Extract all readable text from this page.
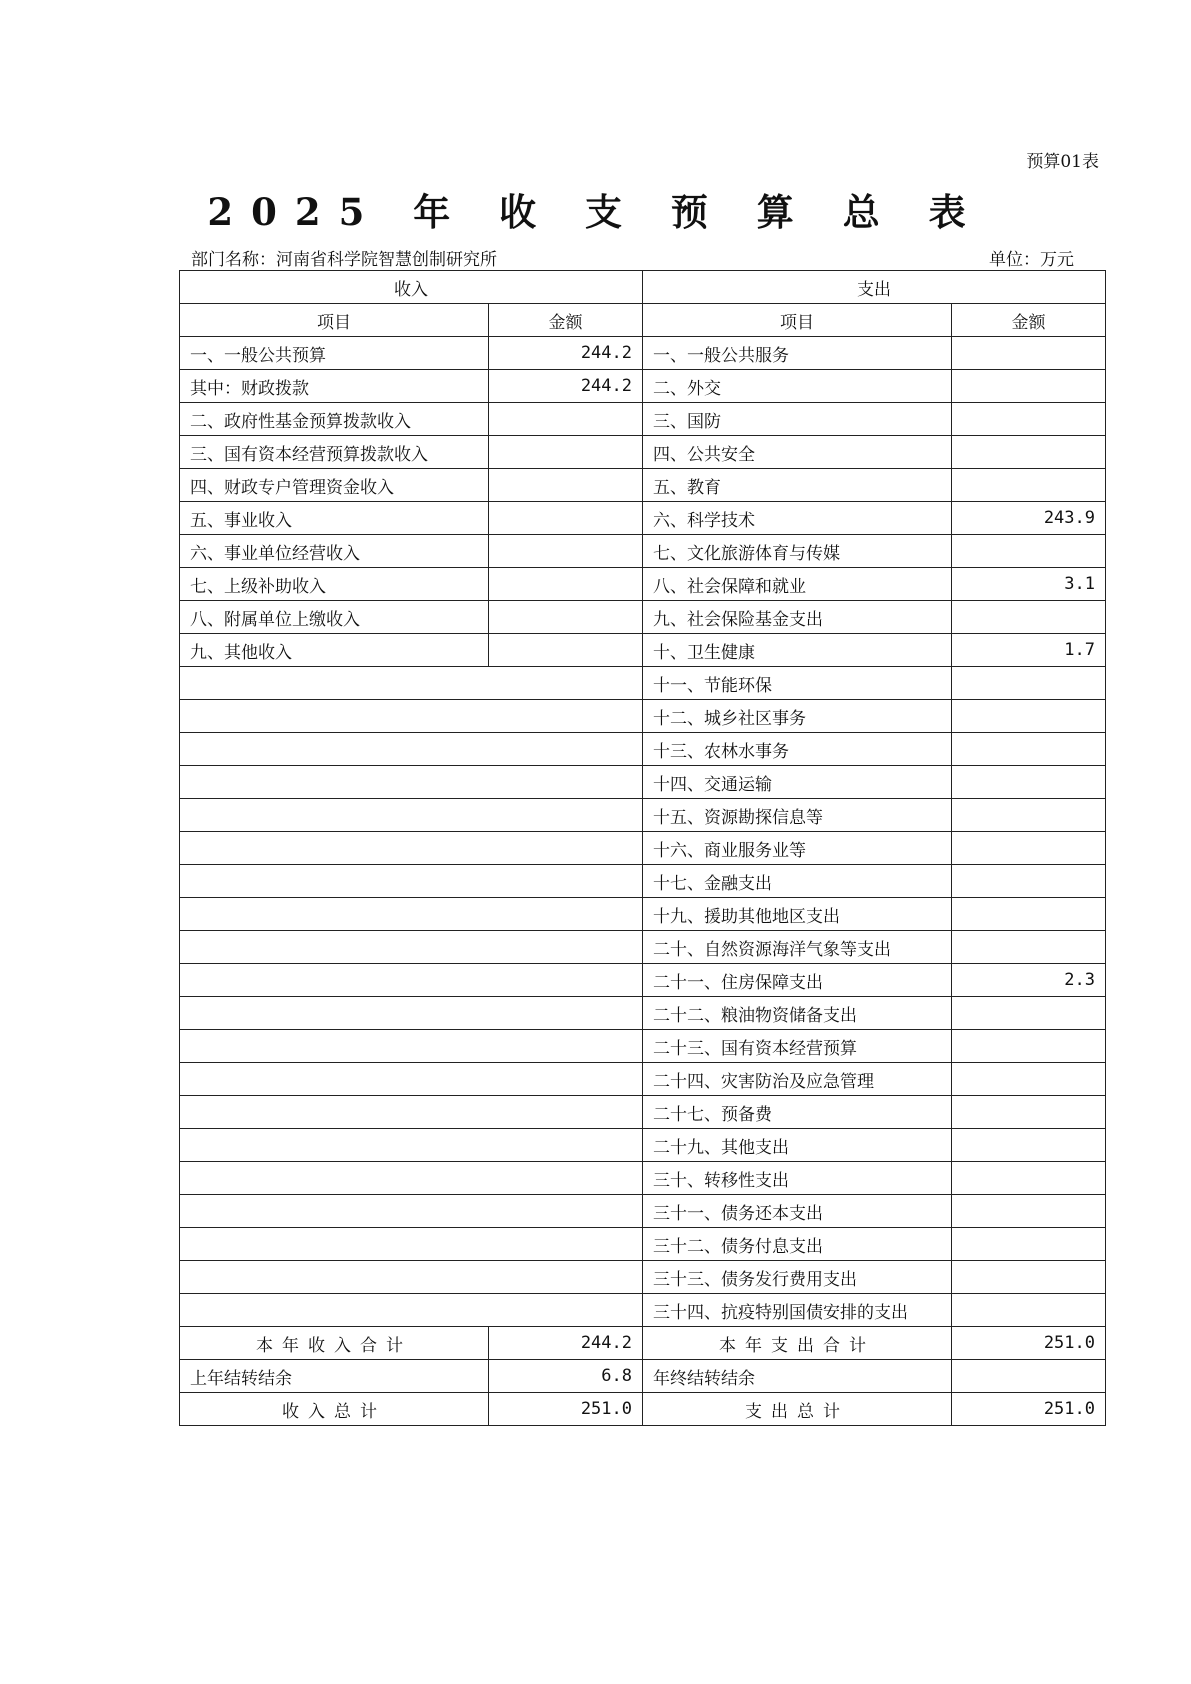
预算01表
2025 年 收 支 预 算 总 表
部门名称：河南省科学院智慧创制研究所	单位：万元
收入		支出	
项目	金额	项目	金额
一、一般公共预算	244.2	一、一般公共服务	
其中：财政拨款	244.2	二、外交	
二、政府性基金预算拨款收入		三、国防	
三、国有资本经营预算拨款收入		四、公共安全	
四、财政专户管理资金收入		五、教育	
五、事业收入		六、科学技术	243.9
六、事业单位经营收入		七、文化旅游体育与传媒	
七、上级补助收入		八、社会保障和就业	3.1
八、附属单位上缴收入		九、社会保险基金支出	
九、其他收入		十、卫生健康	1.7
		十一、节能环保	
		十二、城乡社区事务	
		十三、农林水事务	
		十四、交通运输	
		十五、资源勘探信息等	
		十六、商业服务业等	
		十七、金融支出	
		十九、援助其他地区支出	
		二十、自然资源海洋气象等支出	
		二十一、住房保障支出	2.3
		二十二、粮油物资储备支出	
		二十三、国有资本经营预算	
		二十四、灾害防治及应急管理	
		二十七、预备费	
		二十九、其他支出	
		三十、转移性支出	
		三十一、债务还本支出	
		三十二、债务付息支出	
		三十三、债务发行费用支出	
		三十四、抗疫特别国债安排的支出	
本年收入合计	244.2	本年支出合计	251.0
上年结转结余	6.8	年终结转结余	
收入总计	251.0	支出总计	251.0
